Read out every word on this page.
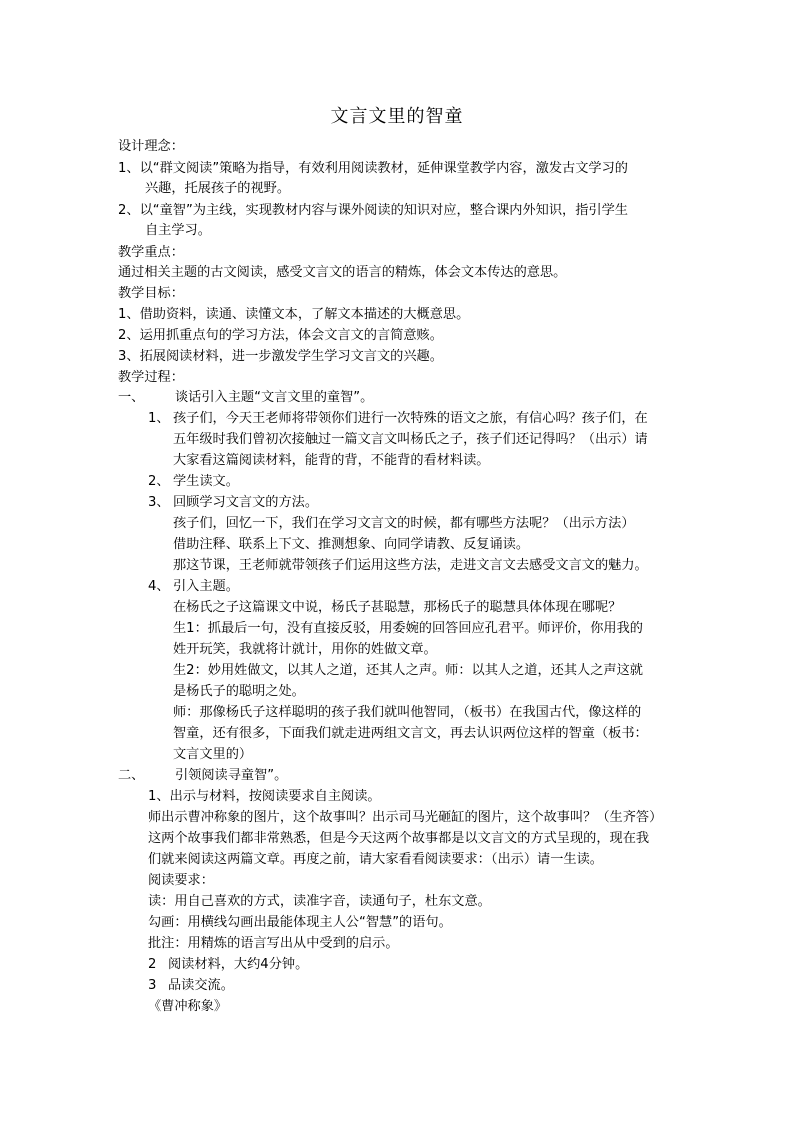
文言文里的智童
设计理念：
1、以“群文阅读”策略为指导，有效利用阅读教材，延伸课堂教学内容，激发古文学习的
兴趣，托展孩子的视野。
2、以“童智”为主线，实现教材内容与课外阅读的知识对应，整合课内外知识，指引学生
自主学习。
教学重点：
通过相关主题的古文阅读，感受文言文的语言的精炼，体会文本传达的意思。
教学目标：
1、借助资料，读通、读懂文本，了解文本描述的大概意思。
2、运用抓重点句的学习方法，体会文言文的言简意赅。
3、拓展阅读材料，进一步激发学生学习文言文的兴趣。
教学过程：
一、 谈话引入主题“文言文里的童智”。
1、 孩子们，今天王老师将带领你们进行一次特殊的语文之旅，有信心吗？孩子们，在
五年级时我们曾初次接触过一篇文言文叫杨氏之子，孩子们还记得吗？（出示）请
大家看这篇阅读材料，能背的背，不能背的看材料读。
2、 学生读文。
3、 回顾学习文言文的方法。
孩子们，回忆一下，我们在学习文言文的时候，都有哪些方法呢？（出示方法）
借助注释、联系上下文、推测想象、向同学请教、反复诵读。
那这节课，王老师就带领孩子们运用这些方法，走进文言文去感受文言文的魅力。
4、 引入主题。
在杨氏之子这篇课文中说，杨氏子甚聪慧，那杨氏子的聪慧具体体现在哪呢？
生1：抓最后一句，没有直接反驳，用委婉的回答回应孔君平。师评价，你用我的
姓开玩笑，我就将计就计，用你的姓做文章。
生2：妙用姓做文，以其人之道，还其人之声。师：以其人之道，还其人之声这就
是杨氏子的聪明之处。
师：那像杨氏子这样聪明的孩子我们就叫他智同，（板书）在我国古代，像这样的
智童，还有很多，下面我们就走进两组文言文，再去认识两位这样的智童（板书：
文言文里的）
二、 引领阅读寻童智”。
1、出示与材料，按阅读要求自主阅读。
师出示曹冲称象的图片，这个故事叫？出示司马光砸缸的图片，这个故事叫？（生齐答）
这两个故事我们都非常熟悉，但是今天这两个故事都是以文言文的方式呈现的，现在我
们就来阅读这两篇文章。再度之前，请大家看看阅读要求：（出示）请一生读。
阅读要求：
读：用自己喜欢的方式，读准字音，读通句子，杜东文意。
勾画：用横线勾画出最能体现主人公“智慧”的语句。
批注：用精炼的语言写出从中受到的启示。
2 阅读材料，大约4分钟。
3 品读交流。
《曹冲称象》
